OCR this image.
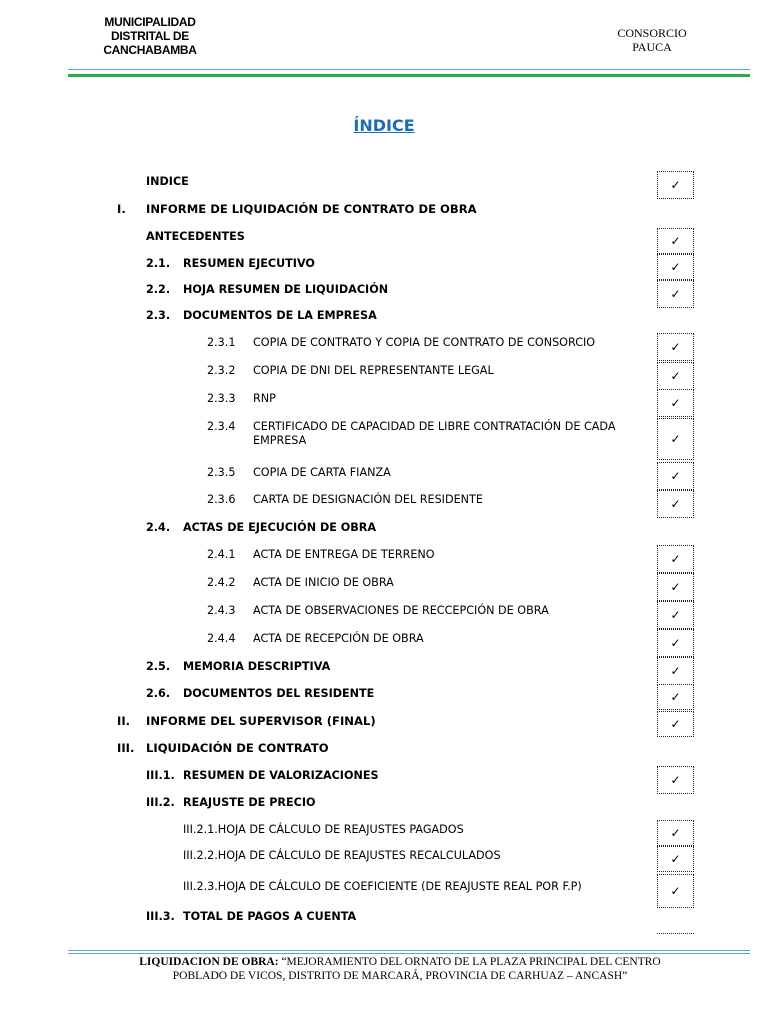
MUNICIPALIDAD
DISTRITAL DE
CANCHABAMBA
CONSORCIO
PAUCA
ÍNDICE
INDICE	✓
I. INFORME DE LIQUIDACIÓN DE CONTRATO DE OBRA
ANTECEDENTES	✓
2.1. RESUMEN EJECUTIVO	✓
2.2. HOJA RESUMEN DE LIQUIDACIÓN	✓
2.3. DOCUMENTOS DE LA EMPRESA
2.3.1 COPIA DE CONTRATO Y COPIA DE CONTRATO DE CONSORCIO	✓
2.3.2 COPIA DE DNI DEL REPRESENTANTE LEGAL	✓
2.3.3 RNP	✓
2.3.4 CERTIFICADO DE CAPACIDAD DE LIBRE CONTRATACIÓN DE CADA EMPRESA	✓
2.3.5 COPIA DE CARTA FIANZA	✓
2.3.6 CARTA DE DESIGNACIÓN DEL RESIDENTE	✓
2.4. ACTAS DE EJECUCIÓN DE OBRA
2.4.1 ACTA DE ENTREGA DE TERRENO	✓
2.4.2 ACTA DE INICIO DE OBRA	✓
2.4.3 ACTA DE OBSERVACIONES DE RECCEPCIÓN DE OBRA	✓
2.4.4 ACTA DE RECEPCIÓN DE OBRA	✓
2.5. MEMORIA DESCRIPTIVA	✓
2.6. DOCUMENTOS DEL RESIDENTE	✓
II. INFORME DEL SUPERVISOR (FINAL)	✓
III. LIQUIDACIÓN DE CONTRATO
III.1. RESUMEN DE VALORIZACIONES	✓
III.2. REAJUSTE DE PRECIO
III.2.1.HOJA DE CÁLCULO DE REAJUSTES PAGADOS	✓
III.2.2.HOJA DE CÁLCULO DE REAJUSTES RECALCULADOS	✓
III.2.3.HOJA DE CÁLCULO DE COEFICIENTE (DE REAJUSTE REAL POR F.P)	✓
III.3. TOTAL DE PAGOS A CUENTA
LIQUIDACION DE OBRA: “MEJORAMIENTO DEL ORNATO DE LA PLAZA PRINCIPAL DEL CENTRO
POBLADO DE VICOS, DISTRITO DE MARCARÁ, PROVINCIA DE CARHUAZ – ANCASH”
